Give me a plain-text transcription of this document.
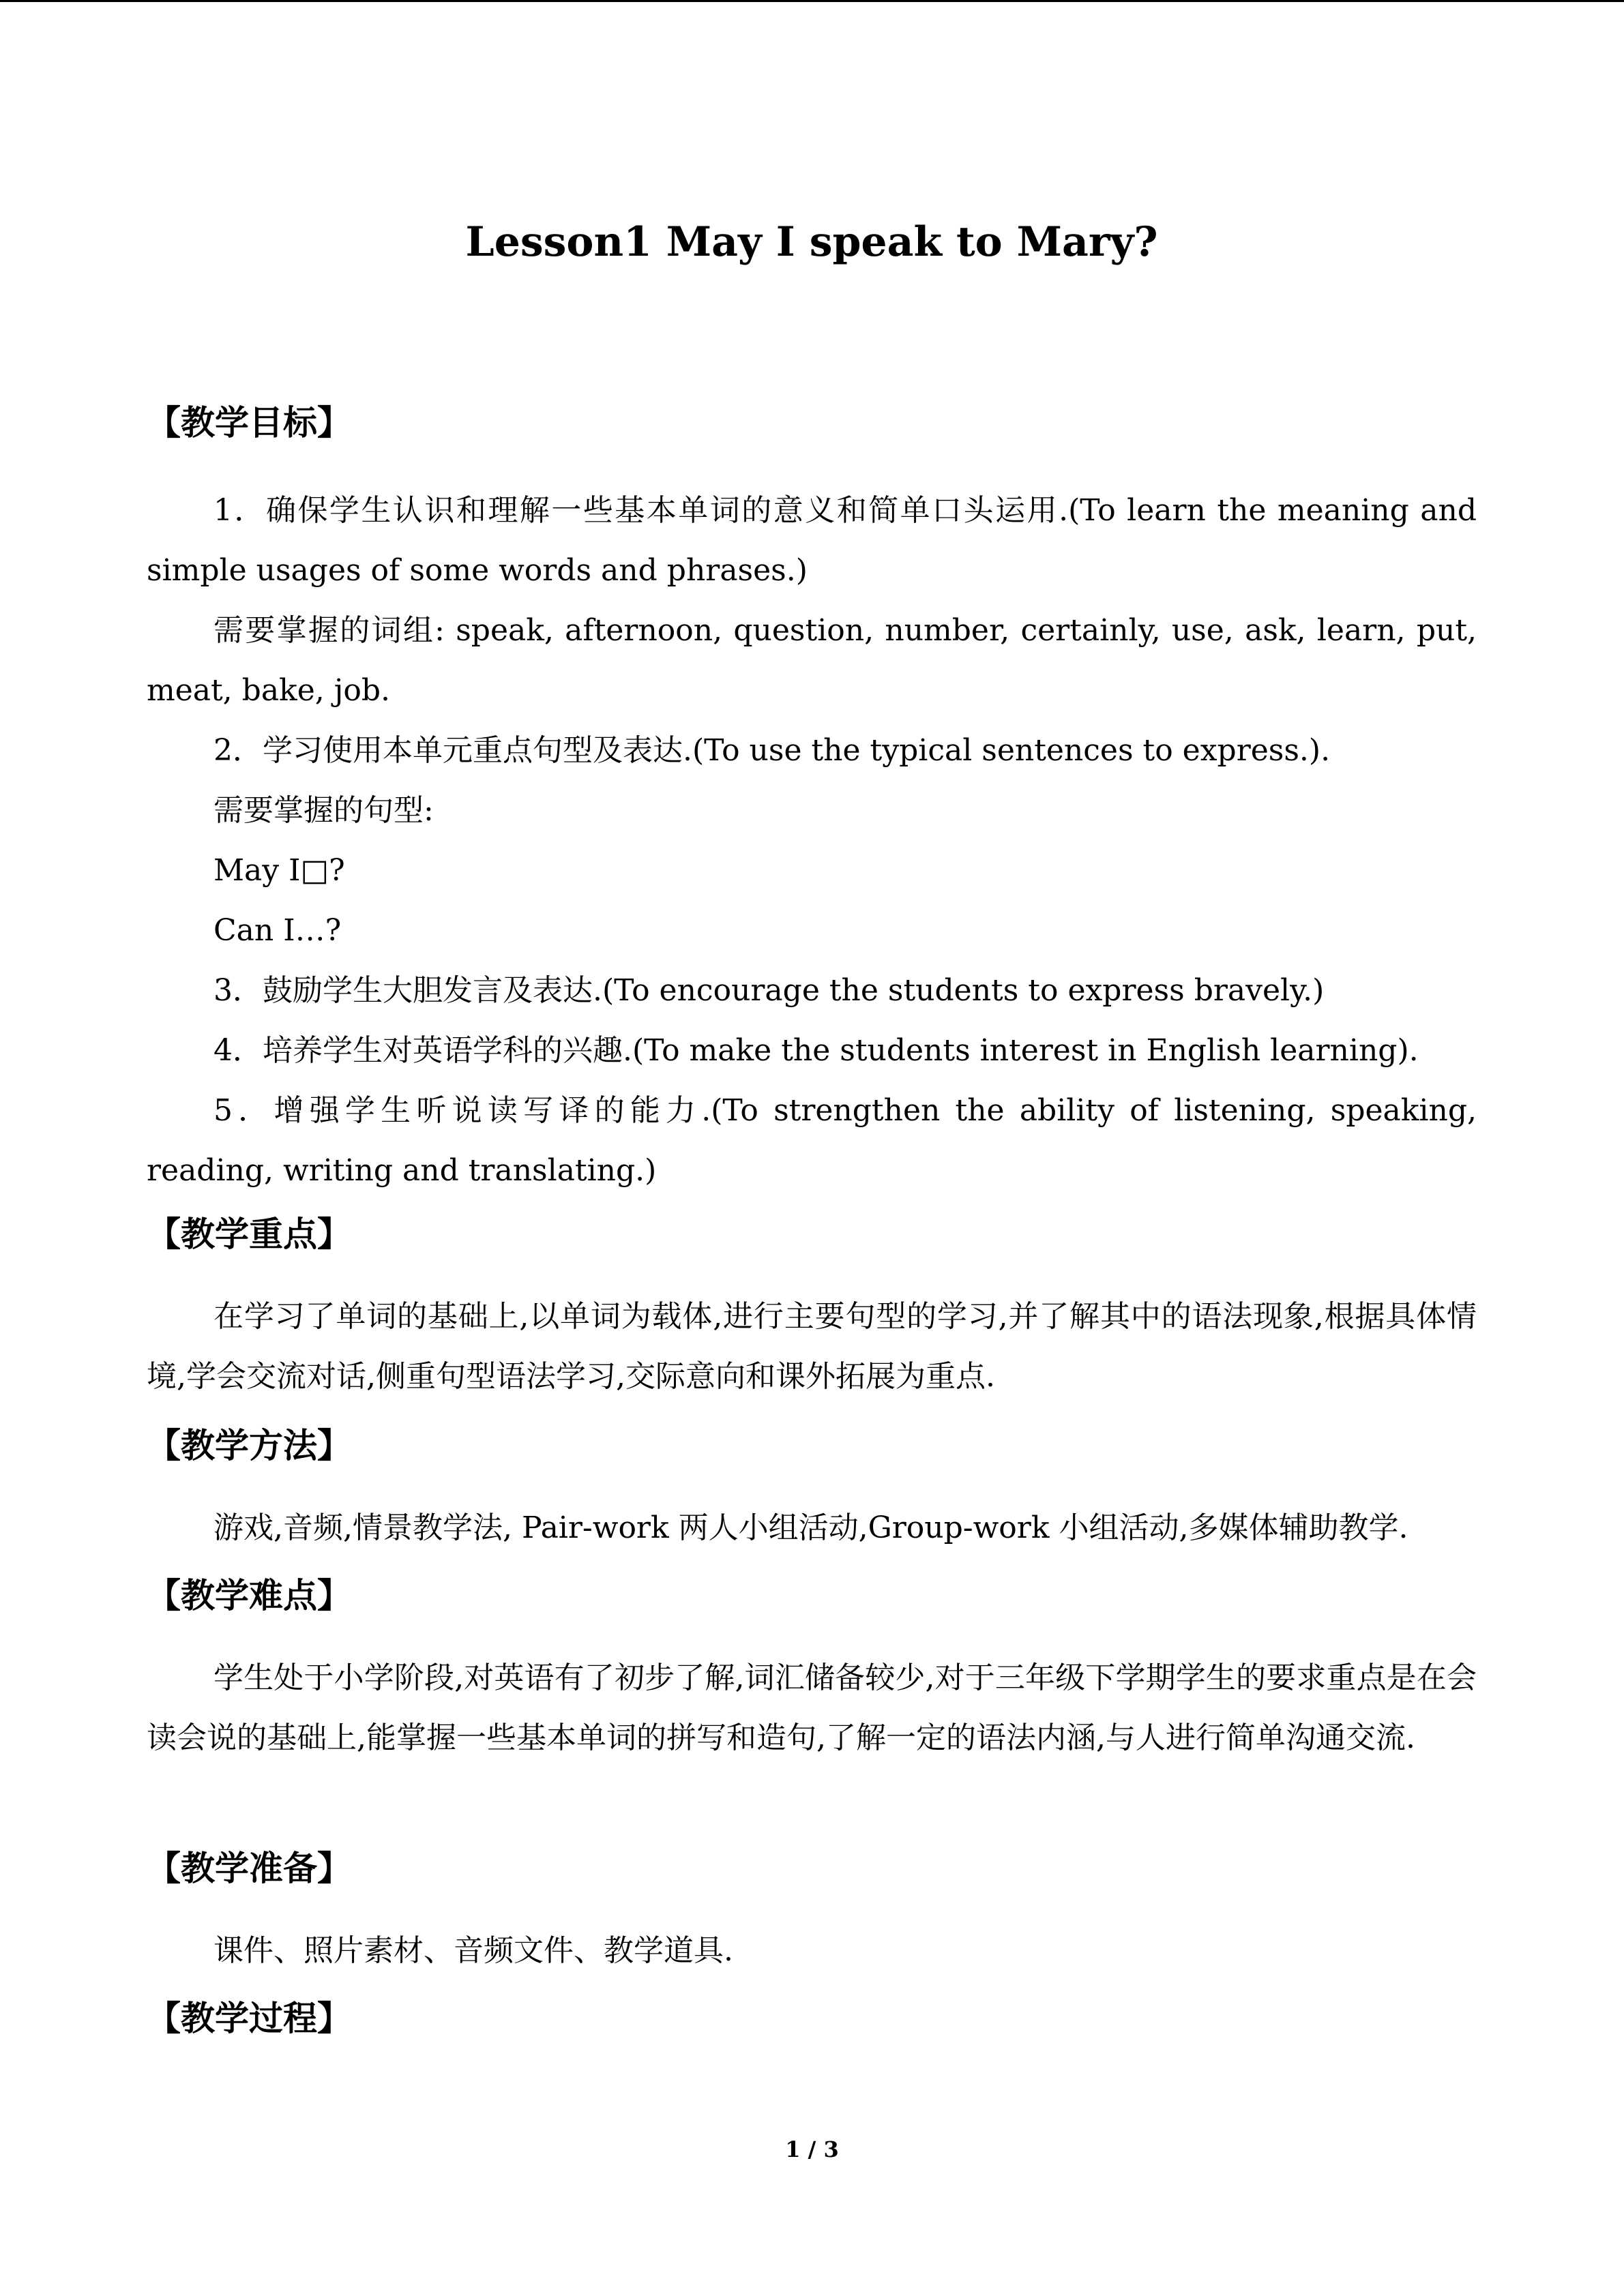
Lesson1 May I speak to Mary?
【教学目标】

1．确保学生认识和理解一些基本单词的意义和简单口头运用.(To learn the meaning and simple usages of some words and phrases.)

需要掌握的词组: speak, afternoon, question, number, certainly, use, ask, learn, put, meat, bake, job.

2．学习使用本单元重点句型及表达.(To use the typical sentences to express.).

需要掌握的句型:

May I□?

Can I…?

3．鼓励学生大胆发言及表达.(To encourage the students to express bravely.)

4．培养学生对英语学科的兴趣.(To make the students interest in English learning).

5．增强学生听说读写译的能力.(To strengthen the ability of listening, speaking, reading, writing and translating.)

【教学重点】

在学习了单词的基础上,以单词为载体,进行主要句型的学习,并了解其中的语法现象,根据具体情境,学会交流对话,侧重句型语法学习,交际意向和课外拓展为重点.

【教学方法】

游戏,音频,情景教学法, Pair-work 两人小组活动,Group-work 小组活动,多媒体辅助教学.

【教学难点】

学生处于小学阶段,对英语有了初步了解,词汇储备较少,对于三年级下学期学生的要求重点是在会读会说的基础上,能掌握一些基本单词的拼写和造句,了解一定的语法内涵,与人进行简单沟通交流.

【教学准备】

课件、照片素材、音频文件、教学道具.

【教学过程】
1 / 3
